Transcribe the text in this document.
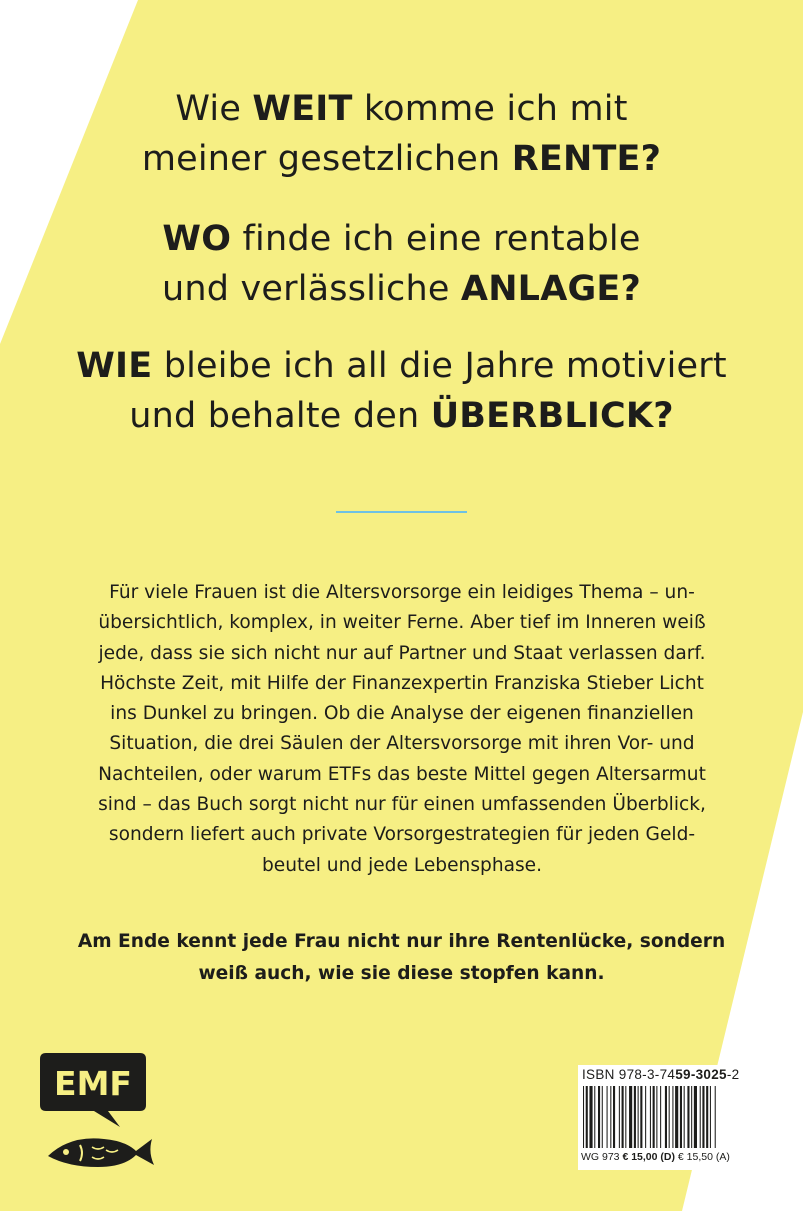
Wie WEIT komme ich mit
meiner gesetzlichen RENTE?
WO finde ich eine rentable
und verlässliche ANLAGE?
WIE bleibe ich all die Jahre motiviert
und behalte den ÜBERBLICK?
Für viele Frauen ist die Altersvorsorge ein leidiges Thema – un-
übersichtlich, komplex, in weiter Ferne. Aber tief im Inneren weiß
jede, dass sie sich nicht nur auf Partner und Staat verlassen darf.
Höchste Zeit, mit Hilfe der Finanzexpertin Franziska Stieber Licht
ins Dunkel zu bringen. Ob die Analyse der eigenen finanziellen
Situation, die drei Säulen der Altersvorsorge mit ihren Vor- und
Nachteilen, oder warum ETFs das beste Mittel gegen Altersarmut
sind – das Buch sorgt nicht nur für einen umfassenden Überblick,
sondern liefert auch private Vorsorgestrategien für jeden Geld-
beutel und jede Lebensphase.
Am Ende kennt jede Frau nicht nur ihre Rentenlücke, sondern
weiß auch, wie sie diese stopfen kann.
EMF	ISBN 978-3-7459-3025-2
WG 973 € 15,00 (D) € 15,50 (A)
